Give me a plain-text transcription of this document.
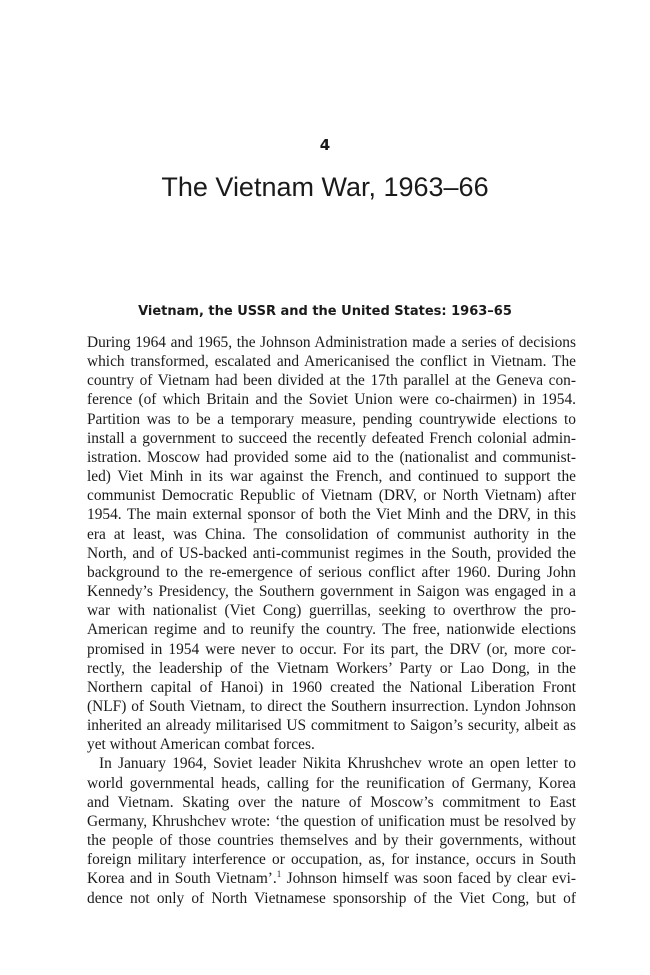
4
The Vietnam War, 1963–66
Vietnam, the USSR and the United States: 1963–65
During 1964 and 1965, the Johnson Administration made a series of decisions
which transformed, escalated and Americanised the conflict in Vietnam. The
country of Vietnam had been divided at the 17th parallel at the Geneva con-
ference (of which Britain and the Soviet Union were co-chairmen) in 1954.
Partition was to be a temporary measure, pending countrywide elections to
install a government to succeed the recently defeated French colonial admin-
istration. Moscow had provided some aid to the (nationalist and communist-
led) Viet Minh in its war against the French, and continued to support the
communist Democratic Republic of Vietnam (DRV, or North Vietnam) after
1954. The main external sponsor of both the Viet Minh and the DRV, in this
era at least, was China. The consolidation of communist authority in the
North, and of US-backed anti-communist regimes in the South, provided the
background to the re-emergence of serious conflict after 1960. During John
Kennedy’s Presidency, the Southern government in Saigon was engaged in a
war with nationalist (Viet Cong) guerrillas, seeking to overthrow the pro-
American regime and to reunify the country. The free, nationwide elections
promised in 1954 were never to occur. For its part, the DRV (or, more cor-
rectly, the leadership of the Vietnam Workers’ Party or Lao Dong, in the
Northern capital of Hanoi) in 1960 created the National Liberation Front
(NLF) of South Vietnam, to direct the Southern insurrection. Lyndon Johnson
inherited an already militarised US commitment to Saigon’s security, albeit as
yet without American combat forces.
In January 1964, Soviet leader Nikita Khrushchev wrote an open letter to
world governmental heads, calling for the reunification of Germany, Korea
and Vietnam. Skating over the nature of Moscow’s commitment to East
Germany, Khrushchev wrote: ‘the question of unification must be resolved by
the people of those countries themselves and by their governments, without
foreign military interference or occupation, as, for instance, occurs in South
Korea and in South Vietnam’.$^1$ Johnson himself was soon faced by clear evi-
dence not only of North Vietnamese sponsorship of the Viet Cong, but of
